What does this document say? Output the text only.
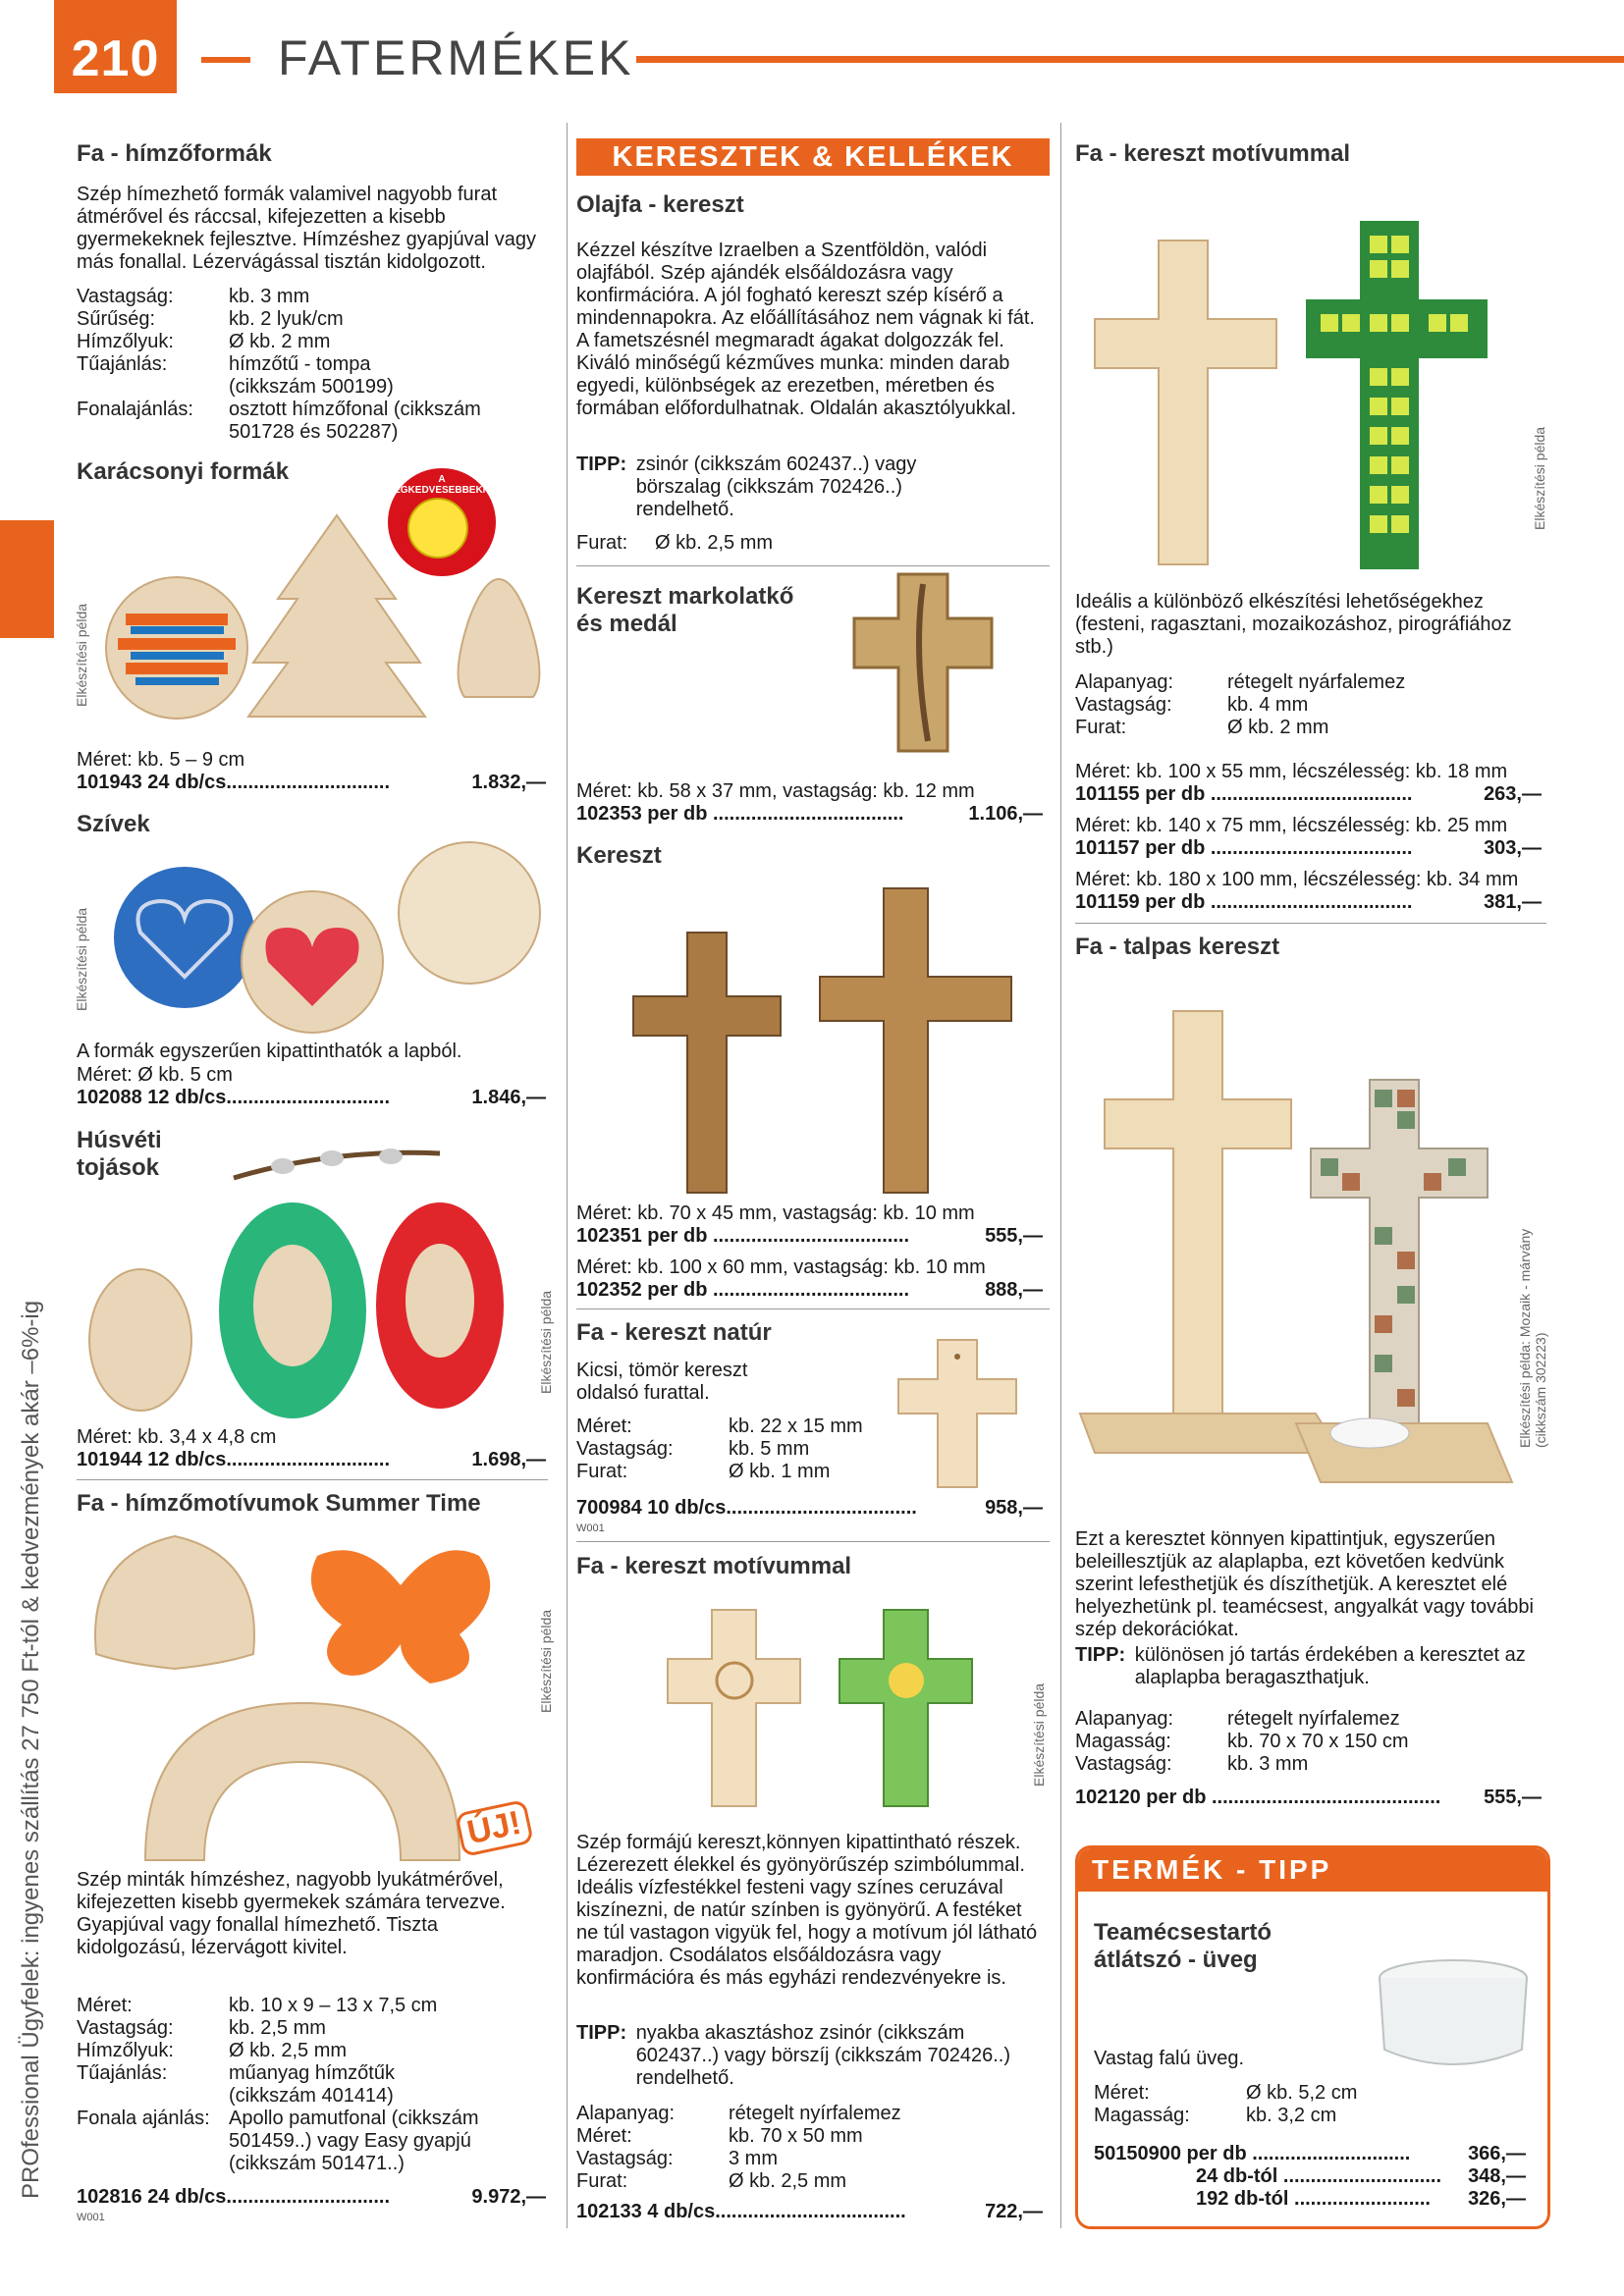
210	FATERMÉKEK
PROfessional Ügyfelek: ingyenes szállítás 27 750 Ft-tól & kedvezmények akár –6%-ig
Fa - hímzőformák
Szép hímezhető formák valamivel nagyobb furat átmérővel és ráccsal, kifejezetten a kisebb gyermekeknek fejlesztve. Hímzéshez gyapjúval vagy más fonallal. Lézervágással tisztán kidolgozott.
Vastagság:	kb. 3 mm
Sűrűség:	kb. 2 lyuk/cm
Hímzőlyuk:	Ø kb. 2 mm
Tűajánlás:	hímzőtű - tompa (cikkszám 500199)
Fonalajánlás:	osztott hímzőfonal (cikkszám 501728 és 502287)
Karácsonyi formák	A LEGKEDVESEBBEKNEK
Elkészítési példa
Méret: kb. 5 – 9 cm
101943 24 db/cs..............................	1.832,—
Szívek
Elkészítési példa
A formák egyszerűen kipattinthatók a lapból.
Méret: Ø kb. 5 cm
102088 12 db/cs..............................	1.846,—
Húsvéti tojások
Elkészítési példa
Méret: kb. 3,4 x 4,8 cm
101944 12 db/cs..............................	1.698,—
Fa - hímzőmotívumok Summer Time
Elkészítési példa
ÚJ!
Szép minták hímzéshez, nagyobb lyukátmérővel, kifejezetten kisebb gyermekek számára tervezve. Gyapjúval vagy fonallal hímezhető. Tiszta kidolgozású, lézervágott kivitel.
Méret:	kb. 10 x 9 – 13 x 7,5 cm
Vastagság:	kb. 2,5 mm
Hímzőlyuk:	Ø kb. 2,5 mm
Tűajánlás:	műanyag hímzőtűk (cikkszám 401414)
Fonala ajánlás: Apollo pamutfonal (cikkszám 501459..) vagy Easy gyapjú (cikkszám 501471..)
102816 24 db/cs..............................	9.972,—
W001
KERESZTEK & KELLÉKEK
Olajfa - kereszt
Kézzel készítve Izraelben a Szentföldön, valódi olajfából. Szép ajándék elsőáldozásra vagy konfirmációra. A jól fogható kereszt szép kísérő a mindennapokra. Az előállításához nem vágnak ki fát. A fametszésnél megmaradt ágakat dolgozzák fel. Kiváló minőségű kézműves munka: minden darab egyedi, különbségek az erezetben, méretben és formában előfordulhatnak. Oldalán akasztólyukkal.
TIPP: zsinór (cikkszám 602437..) vagy börszalag (cikkszám 702426..) rendelhető.
Furat: Ø kb. 2,5 mm
Kereszt markolatkő és medál
Méret: kb. 58 x 37 mm, vastagság: kb. 12 mm
102353 per db ...................................	1.106,—
Kereszt
Méret: kb. 70 x 45 mm, vastagság: kb. 10 mm
102351 per db ....................................	555,—
Méret: kb. 100 x 60 mm, vastagság: kb. 10 mm
102352 per db ....................................	888,—
Fa - kereszt natúr
Kicsi, tömör kereszt oldalsó furattal.
Méret:	kb. 22 x 15 mm
Vastagság:	kb. 5 mm
Furat:	Ø kb. 1 mm
700984 10 db/cs...................................	958,—
W001
Fa - kereszt motívummal
Elkészítési példa
Szép formájú kereszt,könnyen kipattintható részek. Lézerezett élekkel és gyönyörűszép szimbólummal. Ideális vízfestékkel festeni vagy színes ceruzával kiszínezni, de natúr színben is gyönyörű. A festéket ne túl vastagon vigyük fel, hogy a motívum jól látható maradjon. Csodálatos elsőáldozásra vagy konfirmációra és más egyházi rendezvényekre is.
TIPP: nyakba akasztáshoz zsinór (cikkszám 602437..) vagy börszíj (cikkszám 702426..) rendelhető.
Alapanyag:	rétegelt nyírfalemez
Méret:	kb. 70 x 50 mm
Vastagság:	3 mm
Furat:	Ø kb. 2,5 mm
102133 4 db/cs...................................	722,—
Fa - kereszt motívummal
Elkészítési példa
Ideális a különböző elkészítési lehetőségekhez (festeni, ragasztani, mozaikozáshoz, pirográfiához stb.)
Alapanyag:	rétegelt nyárfalemez
Vastagság:	kb. 4 mm
Furat:	Ø kb. 2 mm
Méret: kb. 100 x 55 mm, lécszélesség: kb. 18 mm
101155 per db .....................................	263,—
Méret: kb. 140 x 75 mm, lécszélesség: kb. 25 mm
101157 per db .....................................	303,—
Méret: kb. 180 x 100 mm, lécszélesség: kb. 34 mm
101159 per db .....................................	381,—
Fa - talpas kereszt
Elkészítési példa: Mozaik - márvány (cikkszám 302223)
Ezt a keresztet könnyen kipattintjuk, egyszerűen beleillesztjük az alaplapba, ezt követően kedvünk szerint lefesthetjük és díszíthetjük. A keresztet elé helyezhetünk pl. teamécsest, angyalkát vagy további szép dekorációkat.
TIPP: különösen jó tartás érdekében a keresztet az alaplapba beragaszthatjuk.
Alapanyag:	rétegelt nyírfalemez
Magasság:	kb. 70 x 70 x 150 cm
Vastagság:	kb. 3 mm
102120 per db .......................................... 555,—
TERMÉK - TIPP
Teamécsestartó átlátszó - üveg
Vastag falú üveg.
Méret:	Ø kb. 5,2 cm
Magasság:	kb. 3,2 cm
50150900 per db .............................	366,—
24 db-tól ............................. 348,—
192 db-tól ......................... 326,—
